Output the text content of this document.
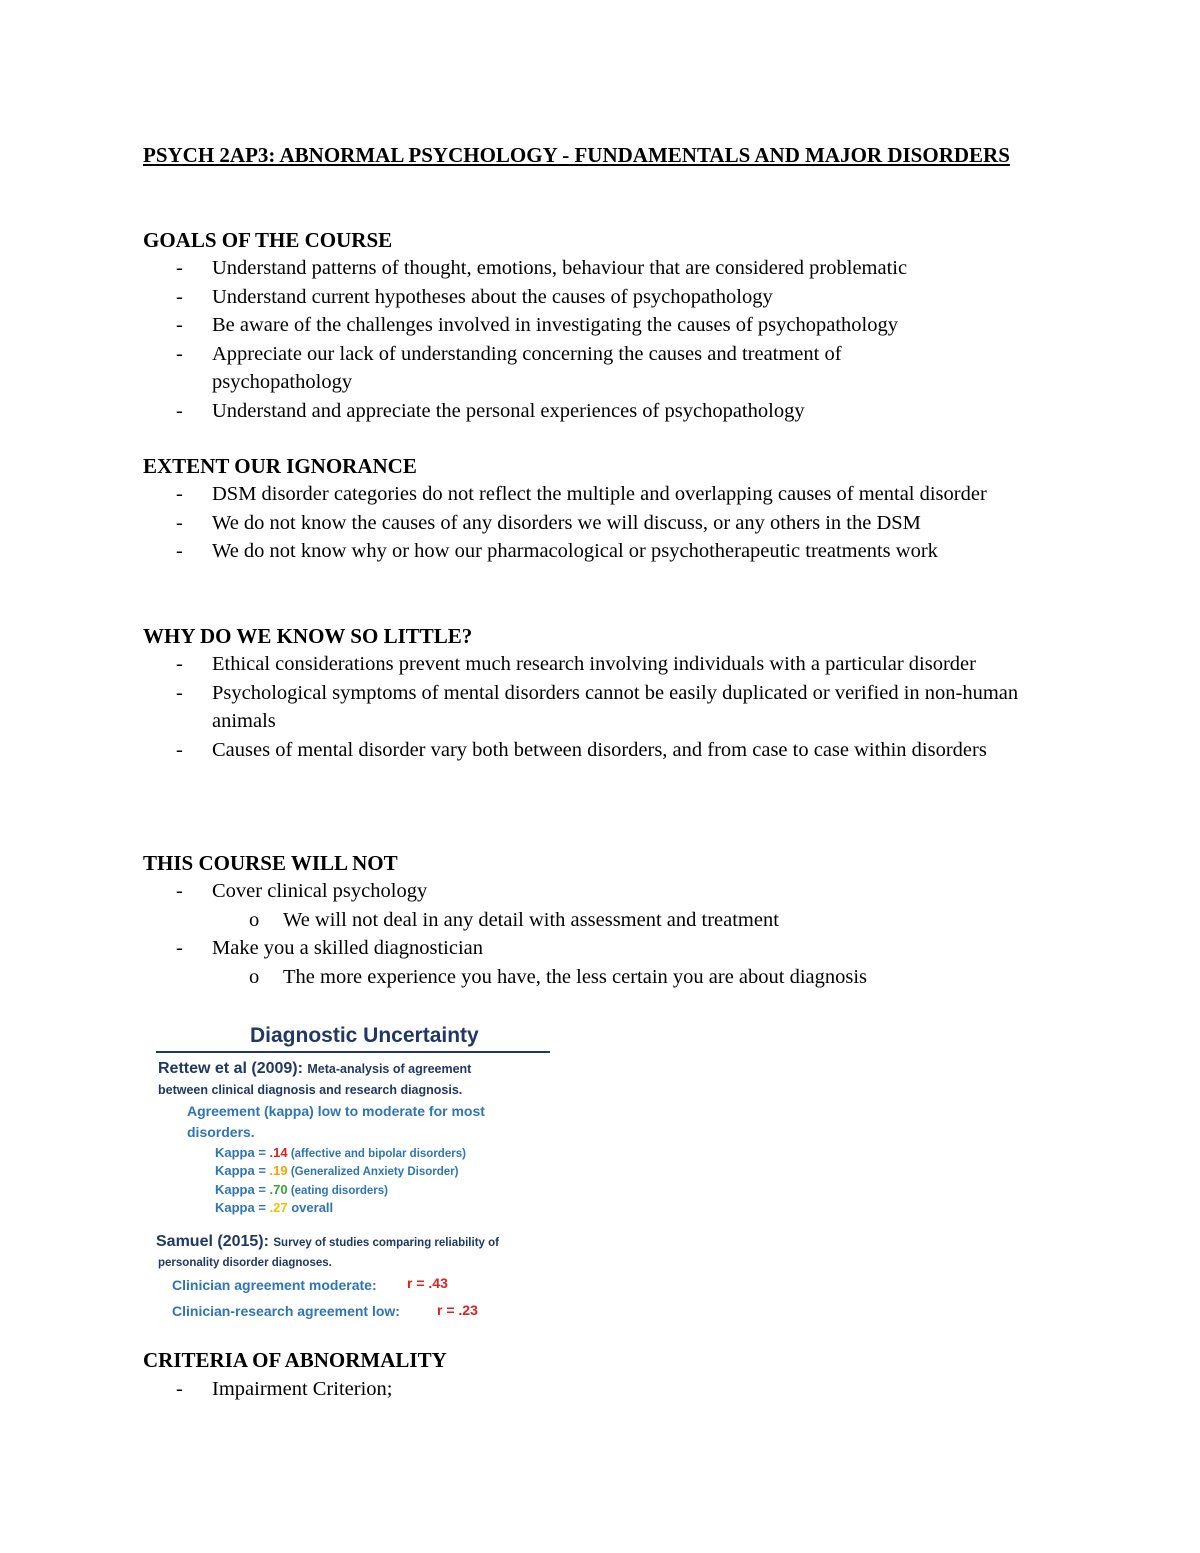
PSYCH 2AP3: ABNORMAL PSYCHOLOGY - FUNDAMENTALS AND MAJOR DISORDERS
GOALS OF THE COURSE
- Understand patterns of thought, emotions, behaviour that are considered problematic
- Understand current hypotheses about the causes of psychopathology
- Be aware of the challenges involved in investigating the causes of psychopathology
- Appreciate our lack of understanding concerning the causes and treatment of psychopathology
- Understand and appreciate the personal experiences of psychopathology
EXTENT OUR IGNORANCE
- DSM disorder categories do not reflect the multiple and overlapping causes of mental disorder
- We do not know the causes of any disorders we will discuss, or any others in the DSM
- We do not know why or how our pharmacological or psychotherapeutic treatments work
WHY DO WE KNOW SO LITTLE?
- Ethical considerations prevent much research involving individuals with a particular disorder
- Psychological symptoms of mental disorders cannot be easily duplicated or verified in non-human animals
- Causes of mental disorder vary both between disorders, and from case to case within disorders
THIS COURSE WILL NOT
- Cover clinical psychology
o We will not deal in any detail with assessment and treatment
- Make you a skilled diagnostician
o The more experience you have, the less certain you are about diagnosis
Diagnostic Uncertainty
Rettew et al (2009): Meta-analysis of agreement
between clinical diagnosis and research diagnosis.
Agreement (kappa) low to moderate for most
disorders.
Kappa = .14 (affective and bipolar disorders)
Kappa = .19 (Generalized Anxiety Disorder)
Kappa = .70 (eating disorders)
Kappa = .27 overall
Samuel (2015): Survey of studies comparing reliability of
personality disorder diagnoses.
Clinician agreement moderate: r = .43
Clinician-research agreement low:	r = .23
CRITERIA OF ABNORMALITY
- Impairment Criterion;
